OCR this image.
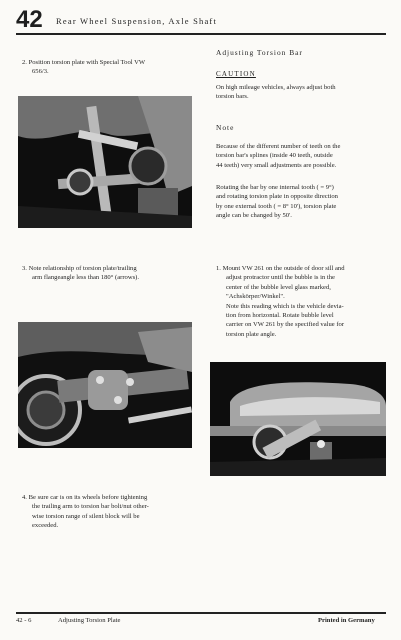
42 Rear Wheel Suspension, Axle Shaft
2. Position torsion plate with Special Tool VW
656/3.
Adjusting Torsion Bar
CAUTION
On high mileage vehicles, always adjust both
torsion bars.
Note
Because of the different number of teeth on the
torsion bar's splines (inside 40 teeth, outside
44 teeth) very small adjustments are possible.
Rotating the bar by one internal tooth ( = 9°)
and rotating torsion plate in opposite direction
by one external tooth ( = 8° 10'), torsion plate
angle can be changed by 50'.
3. Note relationship of torsion plate/trailing
arm flangeangle less than 180° (arrows).
1. Mount VW 261 on the outside of door sill and
adjust protractor until the bubble is in the
center of the bubble level glass marked,
"Achskörper/Winkel".
Note this reading which is the vehicle devia-
tion from horizontal. Rotate bubble level
carrier on VW 261 by the specified value for
torsion plate angle.
4. Be sure car is on its wheels before tightening
the trailing arm to torsion bar bolt/nut other-
wise torsion range of silent block will be
exceeded.
42 - 6	Adjusting Torsion Plate	Printed in Germany
